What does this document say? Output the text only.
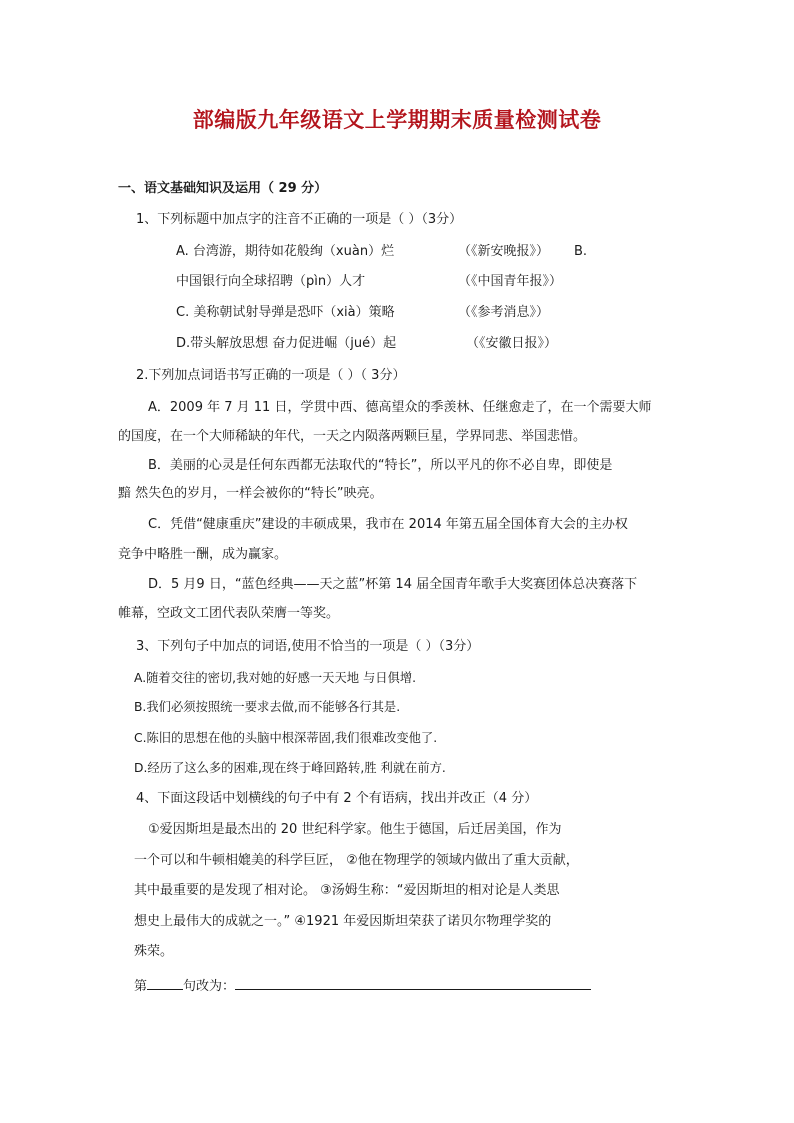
部编版九年级语文上学期期末质量检测试卷

一、语文基础知识及运用（ 29 分）

1、下列标题中加点字的注音不正确的一项是（ ）（3分）

A. 台湾游，期待如花般绚（xuàn）烂	（《新安晚报》） B.

中国银行向全球招聘（pìn）人才	（《中国青年报》）

C. 美称朝试射导弹是恐吓（xià）策略	（《参考消息》）

D.带头解放思想 奋力促进崛（jué）起	（《安徽日报》）

2.下列加点词语书写正确的一项是（ ）（ 3分）

A．2009 年 7 月 11 日，学贯中西、德高望众的季羡林、任继愈走了，在一个需要大师

的国度，在一个大师稀缺的年代，一天之内陨落两颗巨星，学界同悲、举国悲惜。

B．美丽的心灵是任何东西都无法取代的“特长”，所以平凡的你不必自卑，即使是

黯 然失色的岁月，一样会被你的“特长”映亮。

C．凭借“健康重庆”建设的丰硕成果，我市在 2014 年第五届全国体育大会的主办权

竞争中略胜一酬，成为赢家。

D．5 月9 日，“蓝色经典——天之蓝”杯第 14 届全国青年歌手大奖赛团体总决赛落下

帷幕，空政文工团代表队荣膺一等奖。

3、下列句子中加点的词语,使用不恰当的一项是（ ）（3分）

A.随着交往的密切,我对她的好感一天天地 与日俱增.

B.我们必须按照统一要求去做,而不能够各行其是.

C.陈旧的思想在他的头脑中根深蒂固,我们很难改变他了.

D.经历了这么多的困难,现在终于峰回路转,胜 利就在前方.

4、下面这段话中划横线的句子中有 2 个有语病，找出并改正（4 分）

①爱因斯坦是最杰出的 20 世纪科学家。他生于德国，后迁居美国，作为

一个可以和牛顿相媲美的科学巨匠， ②他在物理学的领域内做出了重大贡献，

其中最重要的是发现了相对论。 ③汤姆生称：“爱因斯坦的相对论是人类思

想史上最伟大的成就之一。” ④1921 年爱因斯坦荣获了诺贝尔物理学奖的

殊荣。

第	句改为：
